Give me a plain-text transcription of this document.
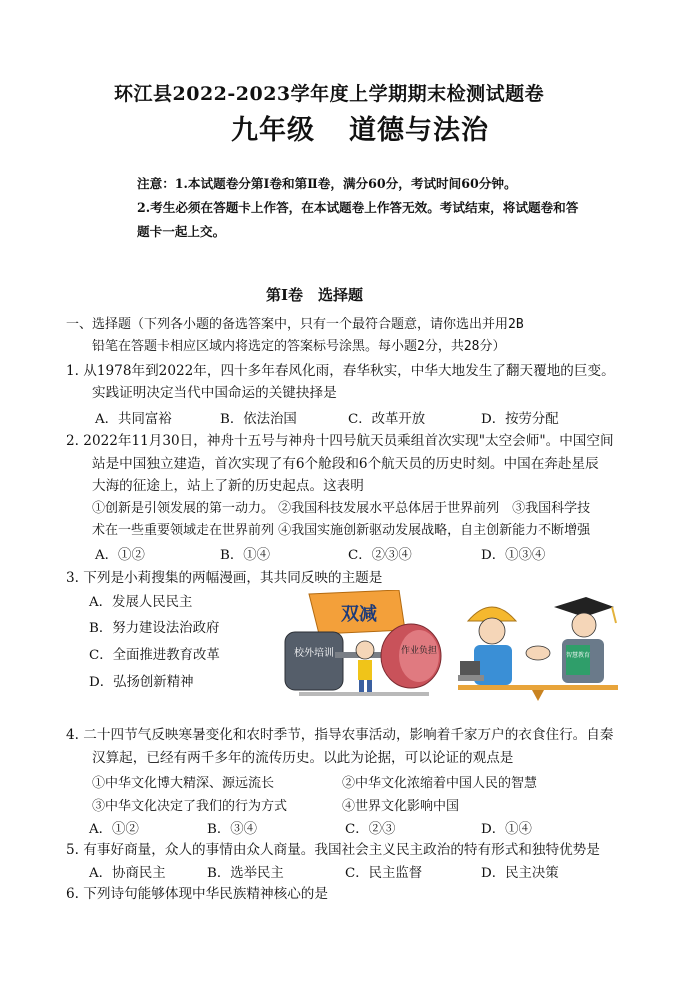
环江县2022-2023学年度上学期期末检测试题卷
九年级 道德与法治
注意：1.本试题卷分第Ⅰ卷和第Ⅱ卷，满分60分，考试时间60分钟。
2.考生必须在答题卡上作答，在本试题卷上作答无效。考试结束，将试题卷和答
题卡一起上交。
第Ⅰ卷　选择题
一、选择题（下列各小题的备选答案中，只有一个最符合题意，请你选出并用2B
铅笔在答题卡相应区域内将选定的答案标号涂黑。每小题2分，共28分）
1. 从1978年到2022年，四十多年春风化雨，春华秋实，中华大地发生了翻天覆地的巨变。
实践证明决定当代中国命运的关键抉择是
A．共同富裕	B．依法治国	C．改革开放	D．按劳分配
2. 2022年11月30日，神舟十五号与神舟十四号航天员乘组首次实现"太空会师"。中国空间
站是中国独立建造，首次实现了有6个舱段和6个航天员的历史时刻。中国在奔赴星辰
大海的征途上，站上了新的历史起点。这表明
①创新是引领发展的第一动力。 ②我国科技发展水平总体居于世界前列　③我国科学技
术在一些重要领域走在世界前列 ④我国实施创新驱动发展战略，自主创新能力不断增强
A．①②	B．①④	C．②③④	D．①③④
3. 下列是小莉搜集的两幅漫画，其共同反映的主题是
A．发展人民民主
B．努力建设法治政府
C．全面推进教育改革
D．弘扬创新精神
双减
校外培训	作业负担	智慧教育
4. 二十四节气反映寒暑变化和农时季节，指导农事活动，影响着千家万户的衣食住行。自秦
汉算起，已经有两千多年的流传历史。以此为论据，可以论证的观点是
①中华文化博大精深、源远流长	②中华文化浓缩着中国人民的智慧
③中华文化决定了我们的行为方式	④世界文化影响中国
A．①②	B．③④	C．②③	D．①④
5. 有事好商量，众人的事情由众人商量。我国社会主义民主政治的特有形式和独特优势是
A．协商民主	B．选举民主	C．民主监督	D．民主决策
6. 下列诗句能够体现中华民族精神核心的是
